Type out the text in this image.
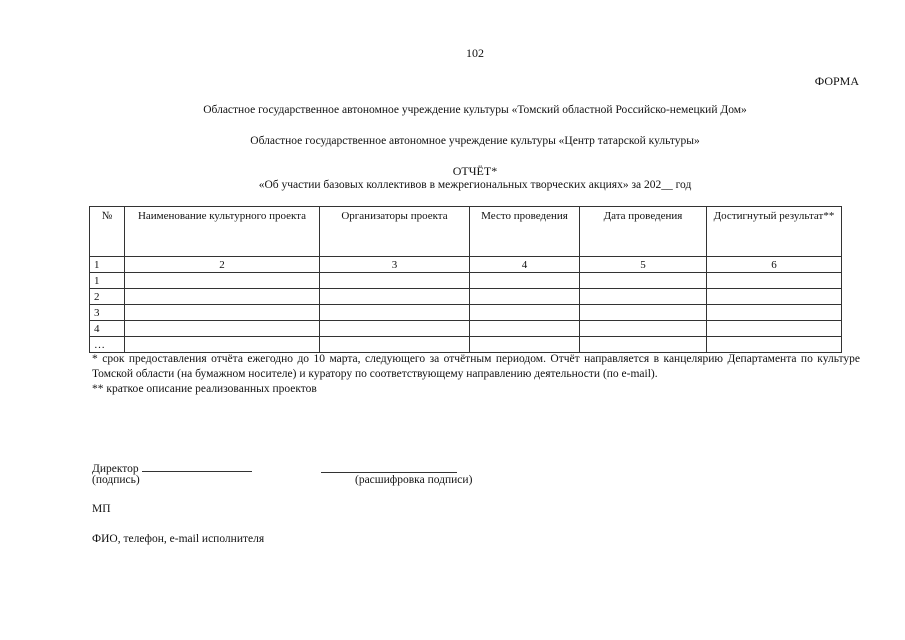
102
ФОРМА
Областное государственное автономное учреждение культуры «Томский областной Российско-немецкий Дом»
Областное государственное автономное учреждение культуры «Центр татарской культуры»
ОТЧЁТ*
«Об участии базовых коллективов в межрегиональных творческих акциях» за 202__ год
№	Наименование культурного проекта	Организаторы проекта	Место проведения	Дата проведения	Достигнутый результат**
1	2	3	4	5	6
1					
2					
3					
4					
…					

* срок предоставления отчёта ежегодно до 10 марта, следующего за отчётным периодом. Отчёт направляется в канцелярию Департамента по культуре Томской области (на бумажном носителе) и куратору по соответствующему направлению деятельности (по e-mail).

** краткое описание реализованных проектов

Директор
(подпись)	(расшифровка подписи)
МП
ФИО, телефон, e-mail исполнителя
